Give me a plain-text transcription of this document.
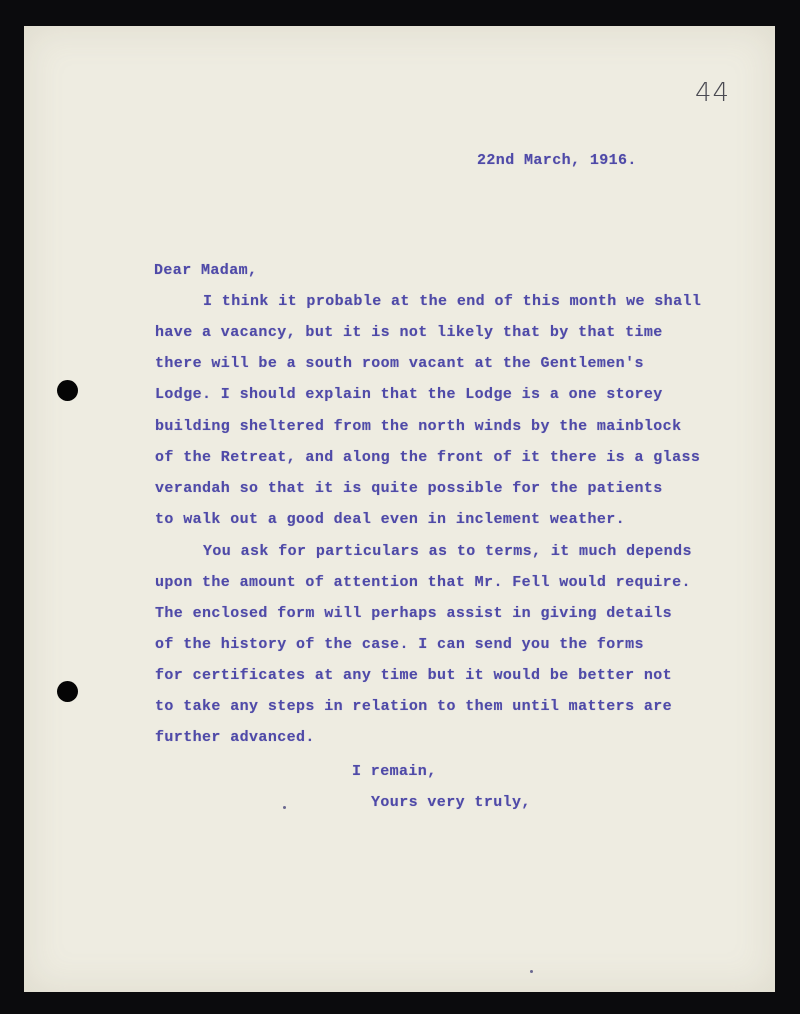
44
22nd March, 1916.
Dear Madam,
I think it probable at the end of this month we shall
have a vacancy, but it is not likely that by that time
there will be a south room vacant at the Gentlemen's
Lodge. I should explain that the Lodge is a one storey
building sheltered from the north winds by the mainblock
of the Retreat, and along the front of it there is a glass
verandah so that it is quite possible for the patients
to walk out a good deal even in inclement weather.
You ask for particulars as to terms, it much depends
upon the amount of attention that Mr. Fell would require.
The enclosed form will perhaps assist in giving details
of the history of the case. I can send you the forms
for certificates at any time but it would be better not
to take any steps in relation to them until matters are
further advanced.
I remain,
Yours very truly,
